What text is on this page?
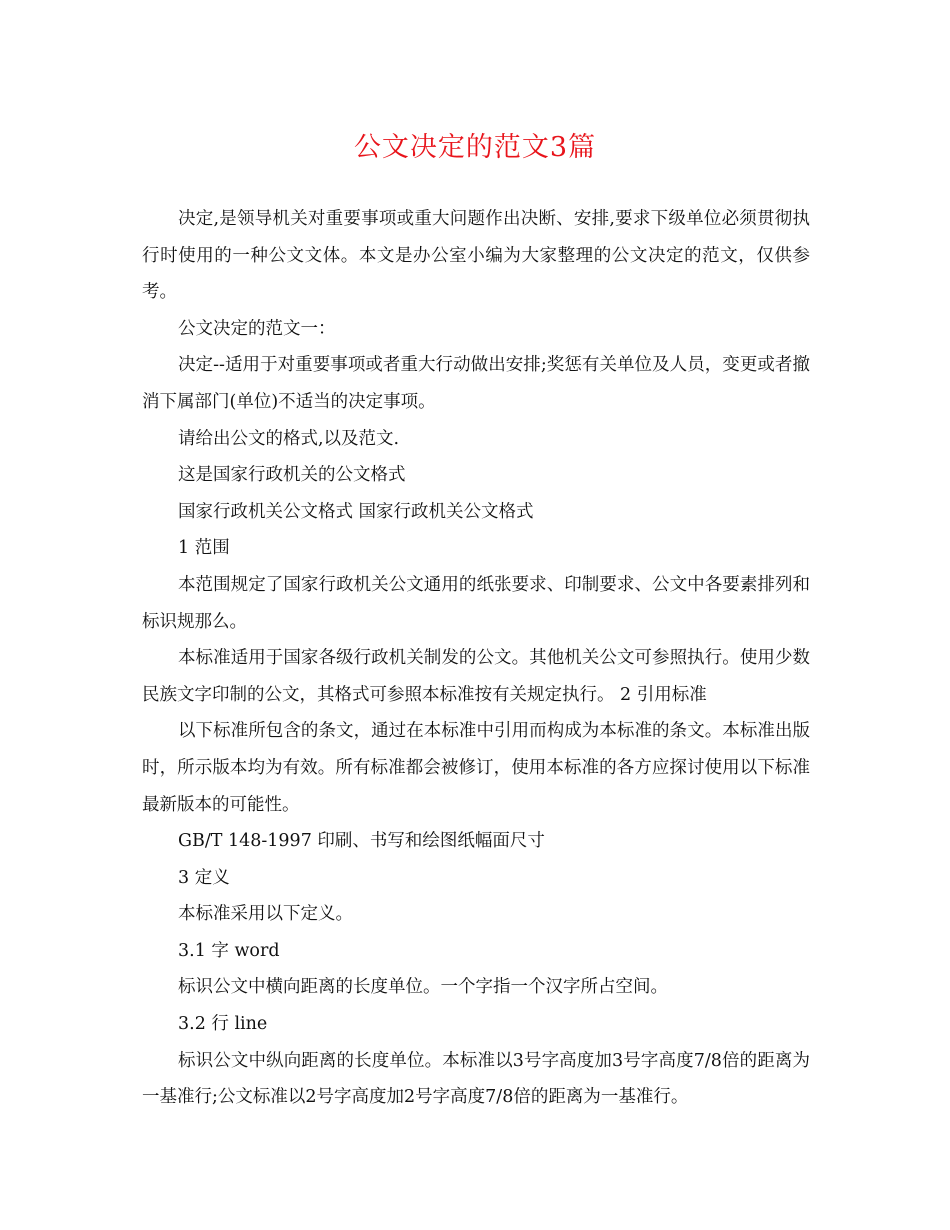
公文决定的范文3篇

决定,是领导机关对重要事项或重大问题作出决断、安排,要求下级单位必须贯彻执行时使用的一种公文文体。本文是办公室小编为大家整理的公文决定的范文，仅供参考。

公文决定的范文一：

决定--适用于对重要事项或者重大行动做出安排;奖惩有关单位及人员，变更或者撤消下属部门(单位)不适当的决定事项。

请给出公文的格式,以及范文.

这是国家行政机关的公文格式

国家行政机关公文格式 国家行政机关公文格式

1 范围

本范围规定了国家行政机关公文通用的纸张要求、印制要求、公文中各要素排列和标识规那么。

本标准适用于国家各级行政机关制发的公文。其他机关公文可参照执行。使用少数民族文字印制的公文，其格式可参照本标准按有关规定执行。 2 引用标准

以下标准所包含的条文，通过在本标准中引用而构成为本标准的条文。本标准出版时，所示版本均为有效。所有标准都会被修订，使用本标准的各方应探讨使用以下标准最新版本的可能性。

GB/T 148-1997 印刷、书写和绘图纸幅面尺寸

3 定义

本标准采用以下定义。

3.1 字 word

标识公文中横向距离的长度单位。一个字指一个汉字所占空间。

3.2 行 line

标识公文中纵向距离的长度单位。本标准以3号字高度加3号字高度7/8倍的距离为一基准行;公文标准以2号字高度加2号字高度7/8倍的距离为一基准行。
